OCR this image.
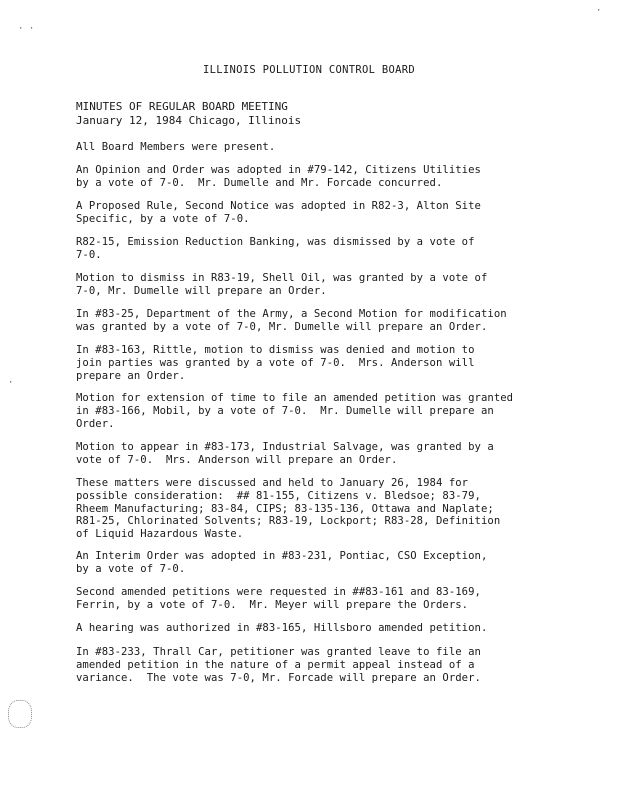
· ·
·
·
ILLINOIS POLLUTION CONTROL BOARD
MINUTES OF REGULAR BOARD MEETING
January 12, 1984 Chicago, Illinois
All Board Members were present.
An Opinion and Order was adopted in #79-142, Citizens Utilities
by a vote of 7-0.  Mr. Dumelle and Mr. Forcade concurred.
A Proposed Rule, Second Notice was adopted in R82-3, Alton Site
Specific, by a vote of 7-0.
R82-15, Emission Reduction Banking, was dismissed by a vote of
7-0.
Motion to dismiss in R83-19, Shell Oil, was granted by a vote of
7-0, Mr. Dumelle will prepare an Order.
In #83-25, Department of the Army, a Second Motion for modification
was granted by a vote of 7-0, Mr. Dumelle will prepare an Order.
In #83-163, Rittle, motion to dismiss was denied and motion to
join parties was granted by a vote of 7-0.  Mrs. Anderson will
prepare an Order.
Motion for extension of time to file an amended petition was granted
in #83-166, Mobil, by a vote of 7-0.  Mr. Dumelle will prepare an
Order.
Motion to appear in #83-173, Industrial Salvage, was granted by a
vote of 7-0.  Mrs. Anderson will prepare an Order.
These matters were discussed and held to January 26, 1984 for
possible consideration:  ## 81-155, Citizens v. Bledsoe; 83-79,
Rheem Manufacturing; 83-84, CIPS; 83-135-136, Ottawa and Naplate;
R81-25, Chlorinated Solvents; R83-19, Lockport; R83-28, Definition
of Liquid Hazardous Waste.
An Interim Order was adopted in #83-231, Pontiac, CSO Exception,
by a vote of 7-0.
Second amended petitions were requested in ##83-161 and 83-169,
Ferrin, by a vote of 7-0.  Mr. Meyer will prepare the Orders.
A hearing was authorized in #83-165, Hillsboro amended petition.
In #83-233, Thrall Car, petitioner was granted leave to file an
amended petition in the nature of a permit appeal instead of a
variance.  The vote was 7-0, Mr. Forcade will prepare an Order.
